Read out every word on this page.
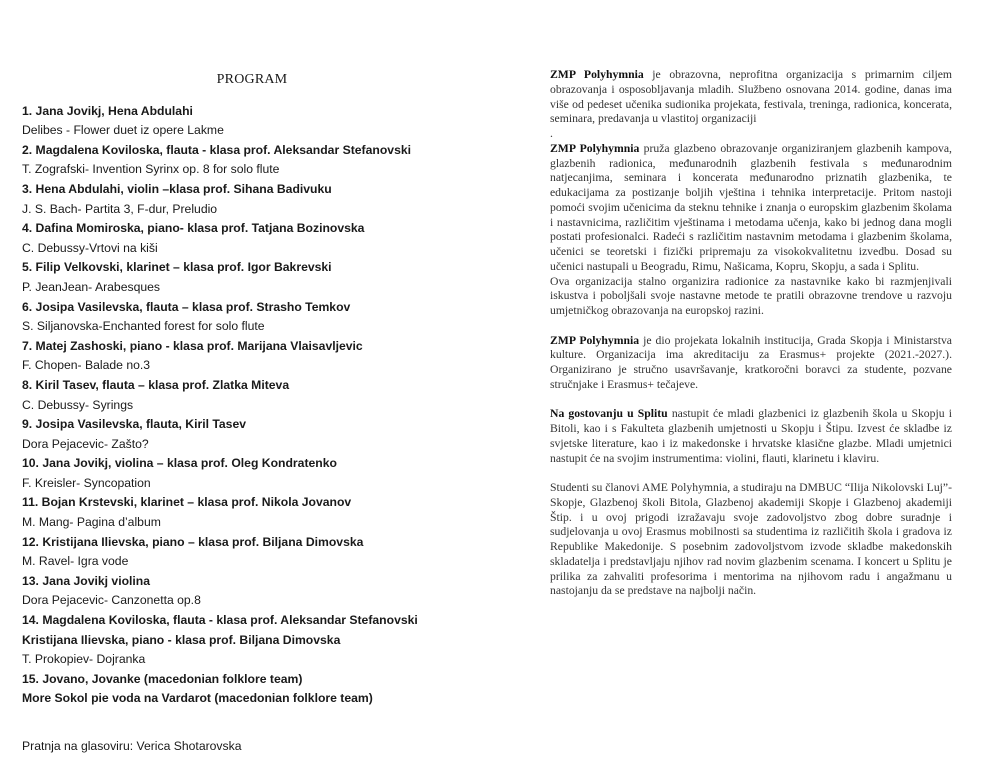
PROGRAM
1. Jana Jovikj, Hena Abdulahi
Delibes - Flower duet iz opere Lakme
2. Magdalena Koviloska, flauta - klasa prof. Aleksandar Stefanovski
T. Zografski- Invention Syrinx op. 8 for solo flute
3. Hena Abdulahi, violin –klasa prof. Sihana Badivuku
J. S. Bach- Partita 3, F-dur, Preludio
4. Dafina Momiroska, piano- klasa prof. Tatjana Bozinovska
C. Debussy-Vrtovi na kiši
5. Filip Velkovski, klarinet – klasa prof. Igor Bakrevski
P. JeanJean- Arabesques
6. Josipa Vasilevska, flauta – klasa prof. Strasho Temkov
S. Siljanovska-Enchanted forest for solo flute
7. Matej Zashoski, piano - klasa prof. Marijana Vlaisavljevic
F. Chopen- Balade no.3
8. Kiril Tasev, flauta – klasa prof. Zlatka Miteva
C. Debussy- Syrings
9. Josipa Vasilevska, flauta, Kiril Tasev
Dora Pejacevic- Zašto?
10. Jana Jovikj, violina – klasa prof. Oleg Kondratenko
F. Kreisler- Syncopation
11. Bojan Krstevski, klarinet – klasa prof. Nikola Jovanov
M. Mang- Pagina d’album
12. Kristijana Ilievska, piano – klasa prof. Biljana Dimovska
M. Ravel- Igra vode
13. Jana Jovikj violina
Dora Pejacevic- Canzonetta op.8
14. Magdalena Koviloska, flauta - klasa prof. Aleksandar Stefanovski
Kristijana Ilievska, piano - klasa prof. Biljana Dimovska
T. Prokopiev- Dojranka
15. Jovano, Jovanke (macedonian folklore team)
More Sokol pie voda na Vardarot (macedonian folklore team)
Pratnja na glasoviru: Verica Shotarovska

ZMP Polyhymnia je obrazovna, neprofitna organizacija s primarnim ciljem obrazovanja i osposobljavanja mladih. Službeno osnovana 2014. godine, danas ima više od pedeset učenika sudionika projekata, festivala, treninga, radionica, koncerata, seminara, predavanja u vlastitoj organizaciji

.

ZMP Polyhymnia pruža glazbeno obrazovanje organiziranjem glazbenih kampova, glazbenih radionica, međunarodnih glazbenih festivala s međunarodnim natjecanjima, seminara i koncerata međunarodno priznatih glazbenika, te edukacijama za postizanje boljih vještina i tehnika interpretacije. Pritom nastoji pomoći svojim učenicima da steknu tehnike i znanja o europskim glazbenim školama i nastavnicima, različitim vještinama i metodama učenja, kako bi jednog dana mogli postati profesionalci. Radeći s različitim nastavnim metodama i glazbenim školama, učenici se teoretski i fizički pripremaju za visokokvalitetnu izvedbu. Dosad su učenici nastupali u Beogradu, Rimu, Našicama, Kopru, Skopju, a sada i Splitu.

Ova organizacija stalno organizira radionice za nastavnike kako bi razmjenjivali iskustva i poboljšali svoje nastavne metode te pratili obrazovne trendove u razvoju umjetničkog obrazovanja na europskoj razini.

ZMP Polyhymnia je dio projekata lokalnih institucija, Grada Skopja i Ministarstva kulture. Organizacija ima akreditaciju za Erasmus+ projekte (2021.-2027.). Organizirano je stručno usavršavanje, kratkoročni boravci za studente, pozvane stručnjake i Erasmus+ tečajeve.

Na gostovanju u Splitu nastupit će mladi glazbenici iz glazbenih škola u Skopju i Bitoli, kao i s Fakulteta glazbenih umjetnosti u Skopju i Štipu. Izvest će skladbe iz svjetske literature, kao i iz makedonske i hrvatske klasične glazbe. Mladi umjetnici nastupit će na svojim instrumentima: violini, flauti, klarinetu i klaviru.

Studenti su članovi AME Polyhymnia, a studiraju na DMBUC “Ilija Nikolovski Luj”-Skopje, Glazbenoj školi Bitola, Glazbenoj akademiji Skopje i Glazbenoj akademiji Štip. i u ovoj prigodi izražavaju svoje zadovoljstvo zbog dobre suradnje i sudjelovanja u ovoj Erasmus mobilnosti sa studentima iz različitih škola i gradova iz Republike Makedonije. S posebnim zadovoljstvom izvode skladbe makedonskih skladatelja i predstavljaju njihov rad novim glazbenim scenama. I koncert u Splitu je prilika za zahvaliti profesorima i mentorima na njihovom radu i angažmanu u nastojanju da se predstave na najbolji način.
